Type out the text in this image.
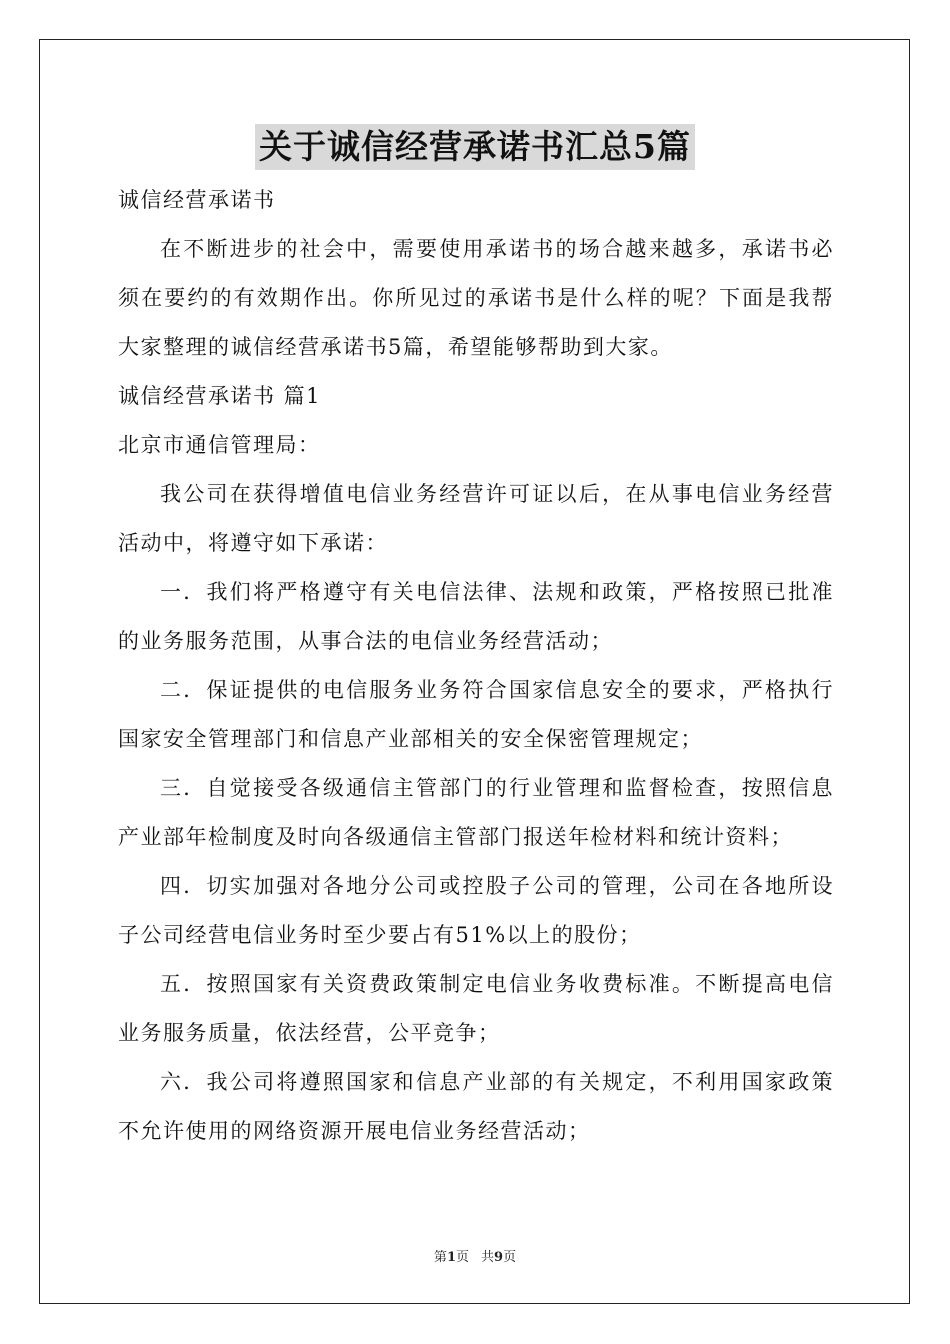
关于诚信经营承诺书汇总5篇

诚信经营承诺书

在不断进步的社会中，需要使用承诺书的场合越来越多，承诺书必须在要约的有效期作出。你所见过的承诺书是什么样的呢？下面是我帮大家整理的诚信经营承诺书5篇，希望能够帮助到大家。

诚信经营承诺书 篇1

北京市通信管理局：

我公司在获得增值电信业务经营许可证以后，在从事电信业务经营活动中，将遵守如下承诺：

一．我们将严格遵守有关电信法律、法规和政策，严格按照已批准的业务服务范围，从事合法的电信业务经营活动；

二．保证提供的电信服务业务符合国家信息安全的要求，严格执行国家安全管理部门和信息产业部相关的安全保密管理规定；

三．自觉接受各级通信主管部门的行业管理和监督检查，按照信息产业部年检制度及时向各级通信主管部门报送年检材料和统计资料；

四．切实加强对各地分公司或控股子公司的管理，公司在各地所设子公司经营电信业务时至少要占有51%以上的股份；

五．按照国家有关资费政策制定电信业务收费标准。不断提高电信业务服务质量，依法经营，公平竞争；

六．我公司将遵照国家和信息产业部的有关规定，不利用国家政策不允许使用的网络资源开展电信业务经营活动；

第1页 共9页
